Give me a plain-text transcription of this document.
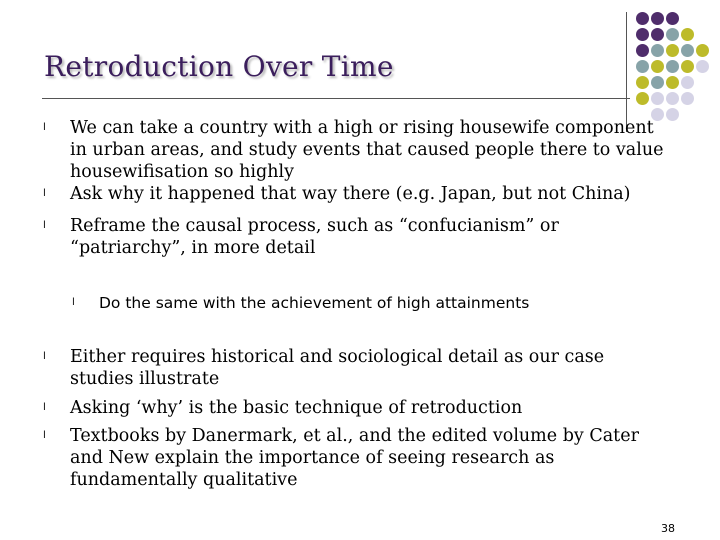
Retroduction Over Time
l We can take a country with a high or rising housewife component in urban areas, and study events that caused people there to value housewifisation so highly
l Ask why it happened that way there (e.g. Japan, but not China)
l Reframe the causal process, such as “confucianism” or “patriarchy”, in more detail
l Do the same with the achievement of high attainments
l Either requires historical and sociological detail as our case studies illustrate
l Asking ‘why’ is the basic technique of retroduction
l Textbooks by Danermark, et al., and the edited volume by Cater and New explain the importance of seeing research as fundamentally qualitative
38
